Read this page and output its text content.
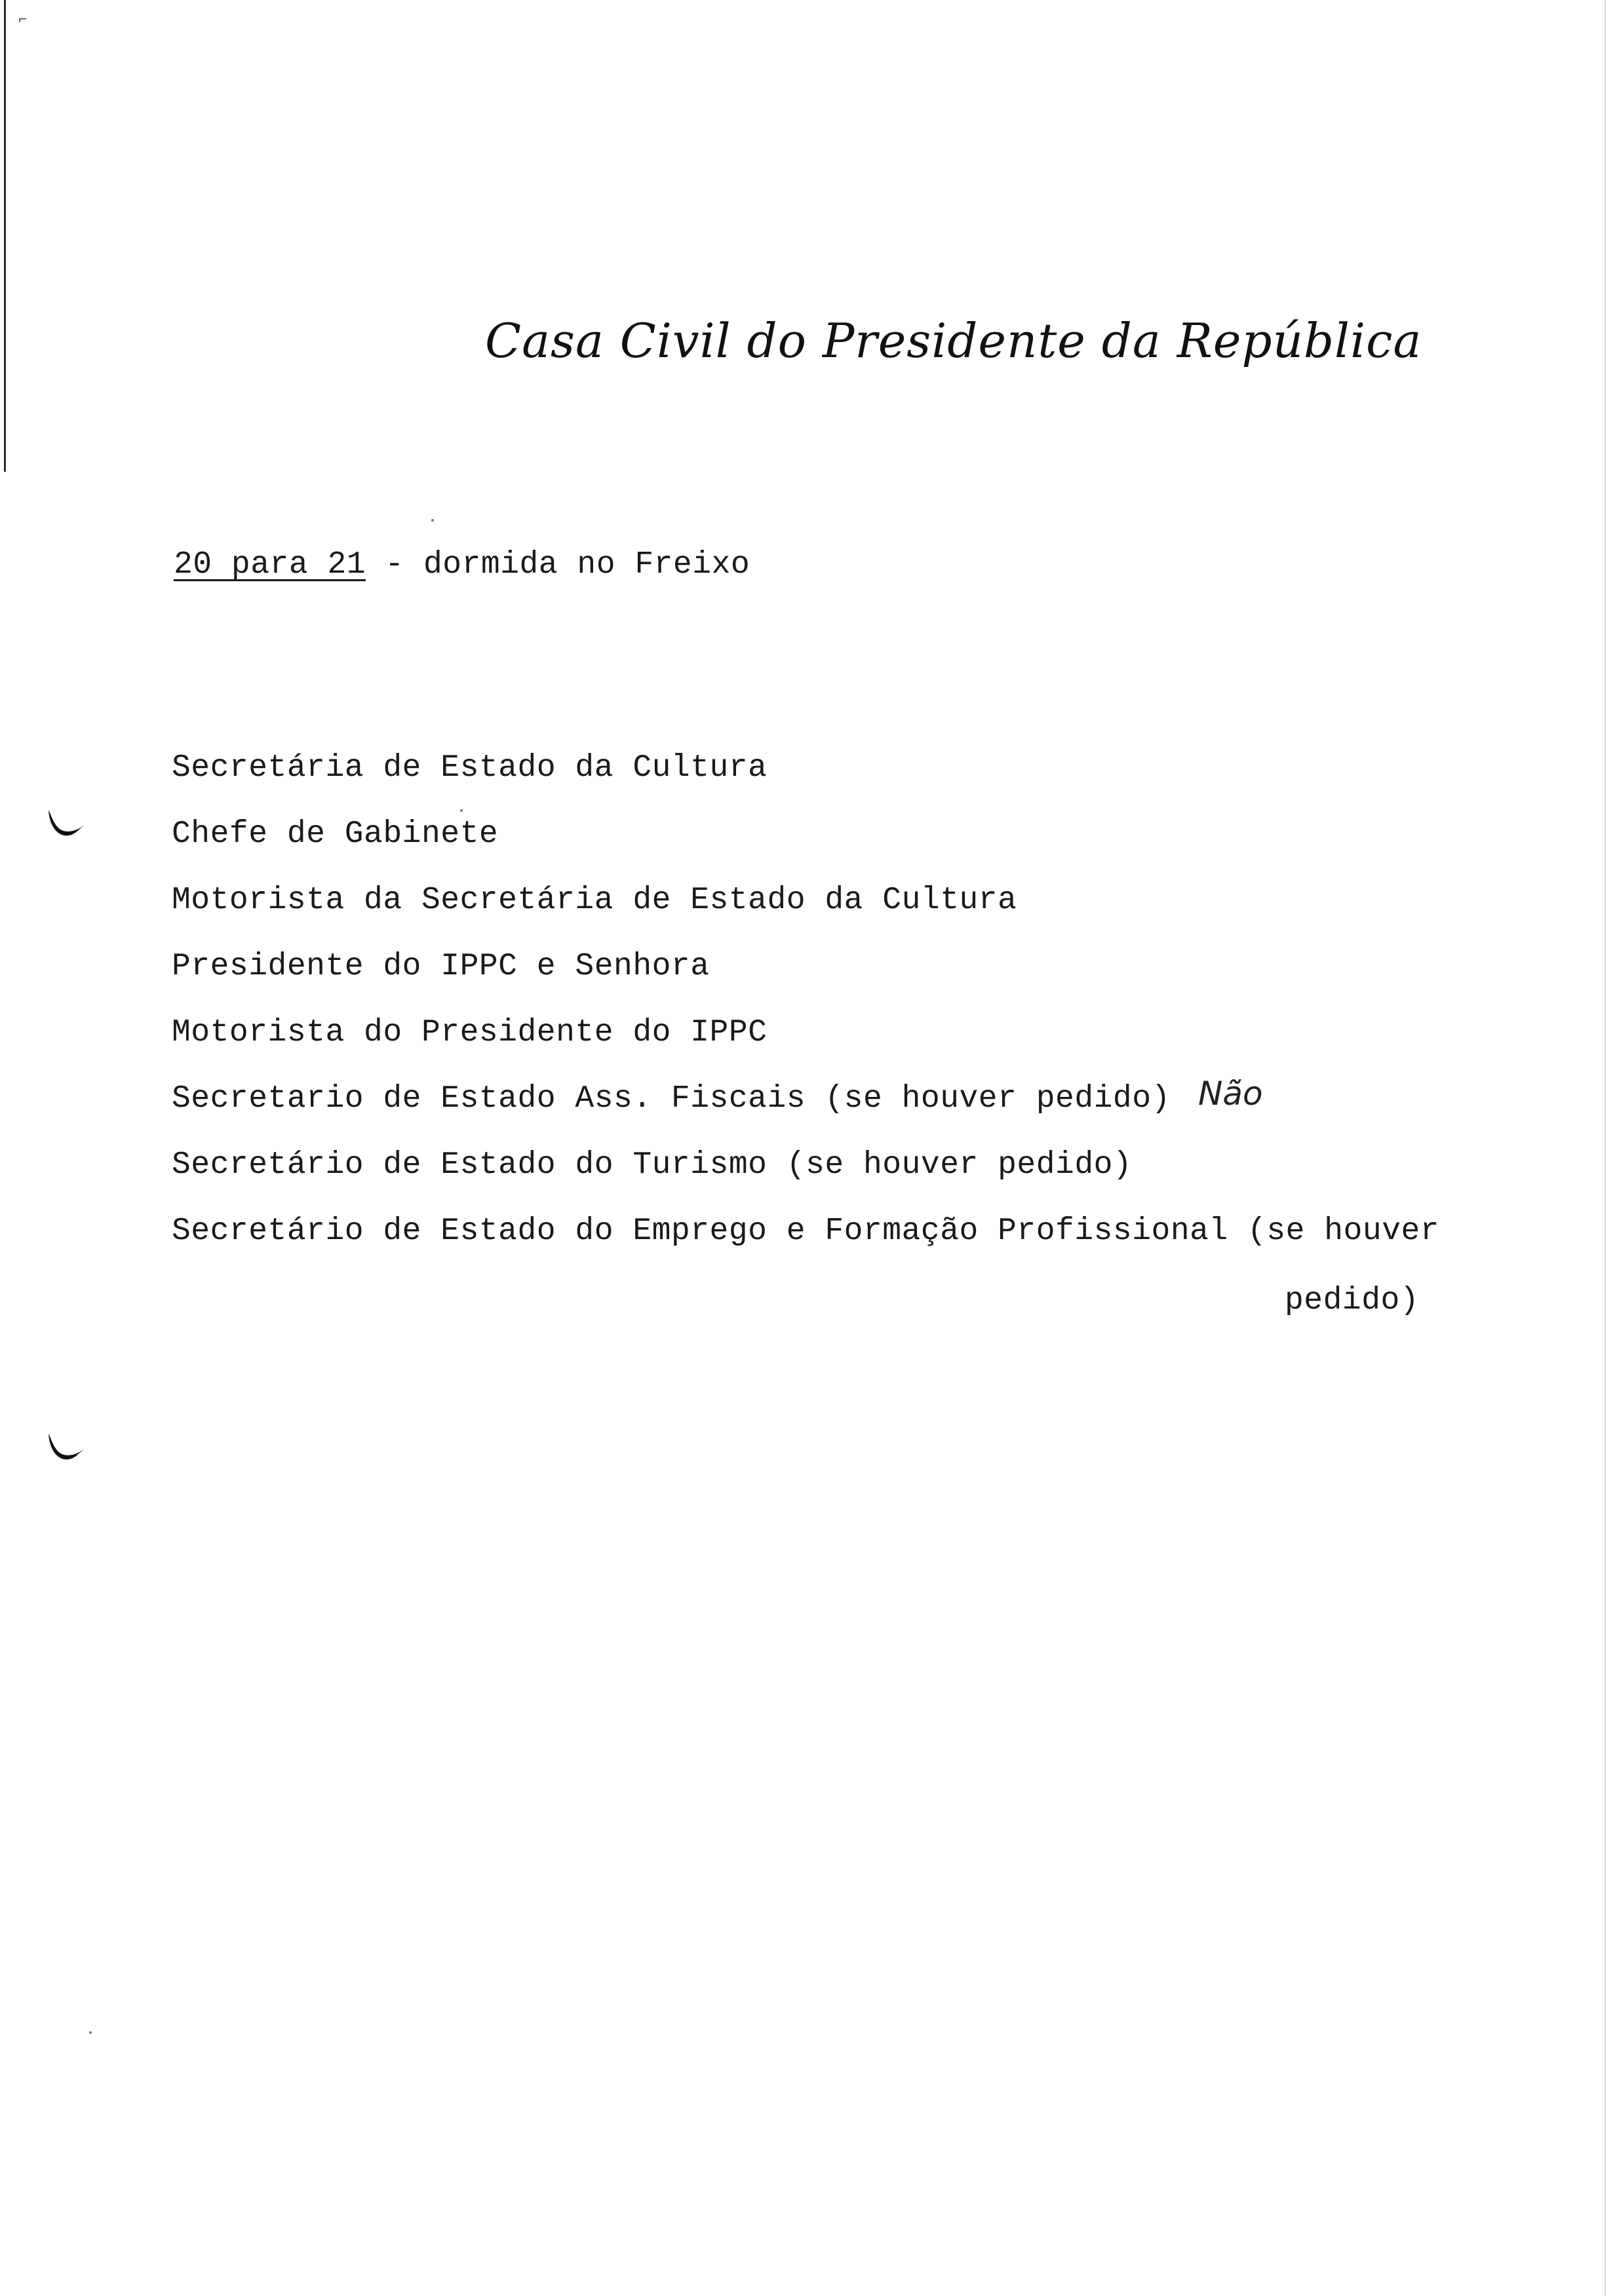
⌐
Casa Civil do Presidente da República
20 para 21 - dormida no Freixo
Secretária de Estado da Cultura
Chefe de Gabinete
Motorista da Secretária de Estado da Cultura
Presidente do IPPC e Senhora
Motorista do Presidente do IPPC
Secretario de Estado Ass. Fiscais (se houver pedido)
Secretário de Estado do Turismo (se houver pedido)
Secretário de Estado do Emprego e Formação Profissional (se houver
pedido)
Não
